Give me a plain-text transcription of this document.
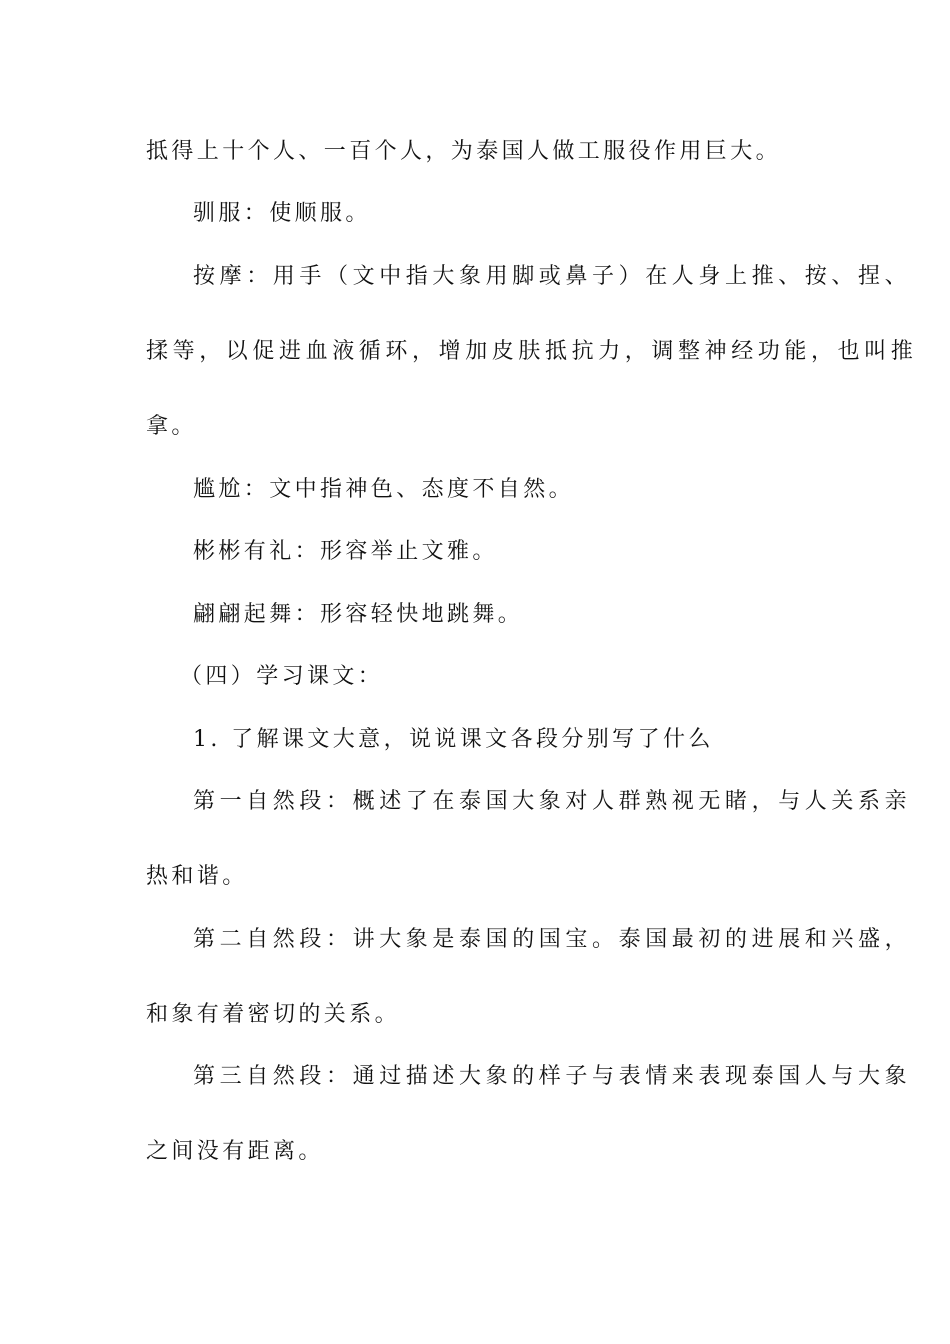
抵得上十个人、一百个人，为泰国人做工服役作用巨大。
驯服：使顺服。
按摩：用手（文中指大象用脚或鼻子）在人身上推、按、捏、
揉等，以促进血液循环，增加皮肤抵抗力，调整神经功能，也叫推
拿。
尴尬：文中指神色、态度不自然。
彬彬有礼：形容举止文雅。
翩翩起舞：形容轻快地跳舞。
（四）学习课文：
1. 了解课文大意，说说课文各段分别写了什么
第一自然段：概述了在泰国大象对人群熟视无睹，与人关系亲
热和谐。
第二自然段：讲大象是泰国的国宝。泰国最初的进展和兴盛，
和象有着密切的关系。
第三自然段：通过描述大象的样子与表情来表现泰国人与大象
之间没有距离。
